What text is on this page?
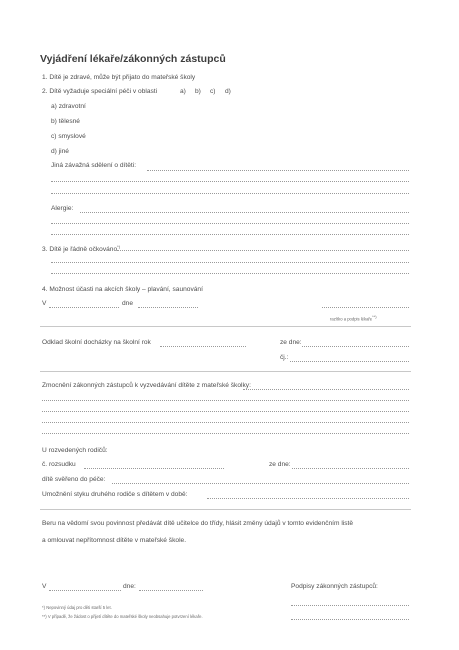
Vyjádření lékaře/zákonných zástupců
1. Dítě je zdravé, může být přijato do mateřské školy
2. Dítě vyžaduje speciální péči v oblasti	a) b) c) d)
a) zdravotní
b) tělesné
c) smyslové
d) jiné
Jiná závažná sdělení o dítěti:
Alergie:
3. Dítě je řádně očkováno*)
4. Možnost účasti na akcích školy – plavání, saunování
V	dne
razítko a podpis lékaře**)
Odklad školní docházky na školní rok	ze dne:
čj.:
Zmocnění zákonných zástupců k vyzvedávání dítěte z mateřské školky:
U rozvedených rodičů:
č. rozsudku	ze dne:
dítě svěřeno do péče:
Umožnění styku druhého rodiče s dítětem v době:
Beru na vědomí svou povinnost předávát dítě učitelce do třídy, hlásit změny údajů v tomto evidenčním listě
a omlouvat nepřítomnost dítěte v mateřské škole.
V	dne:	Podpisy zákonných zástupců:
*) Nepovinný údaj pro děti starší 5 let.
**) V případě, že žádost o přijetí dítěte do mateřské školy neobsahuje potvrzení lékaře.
